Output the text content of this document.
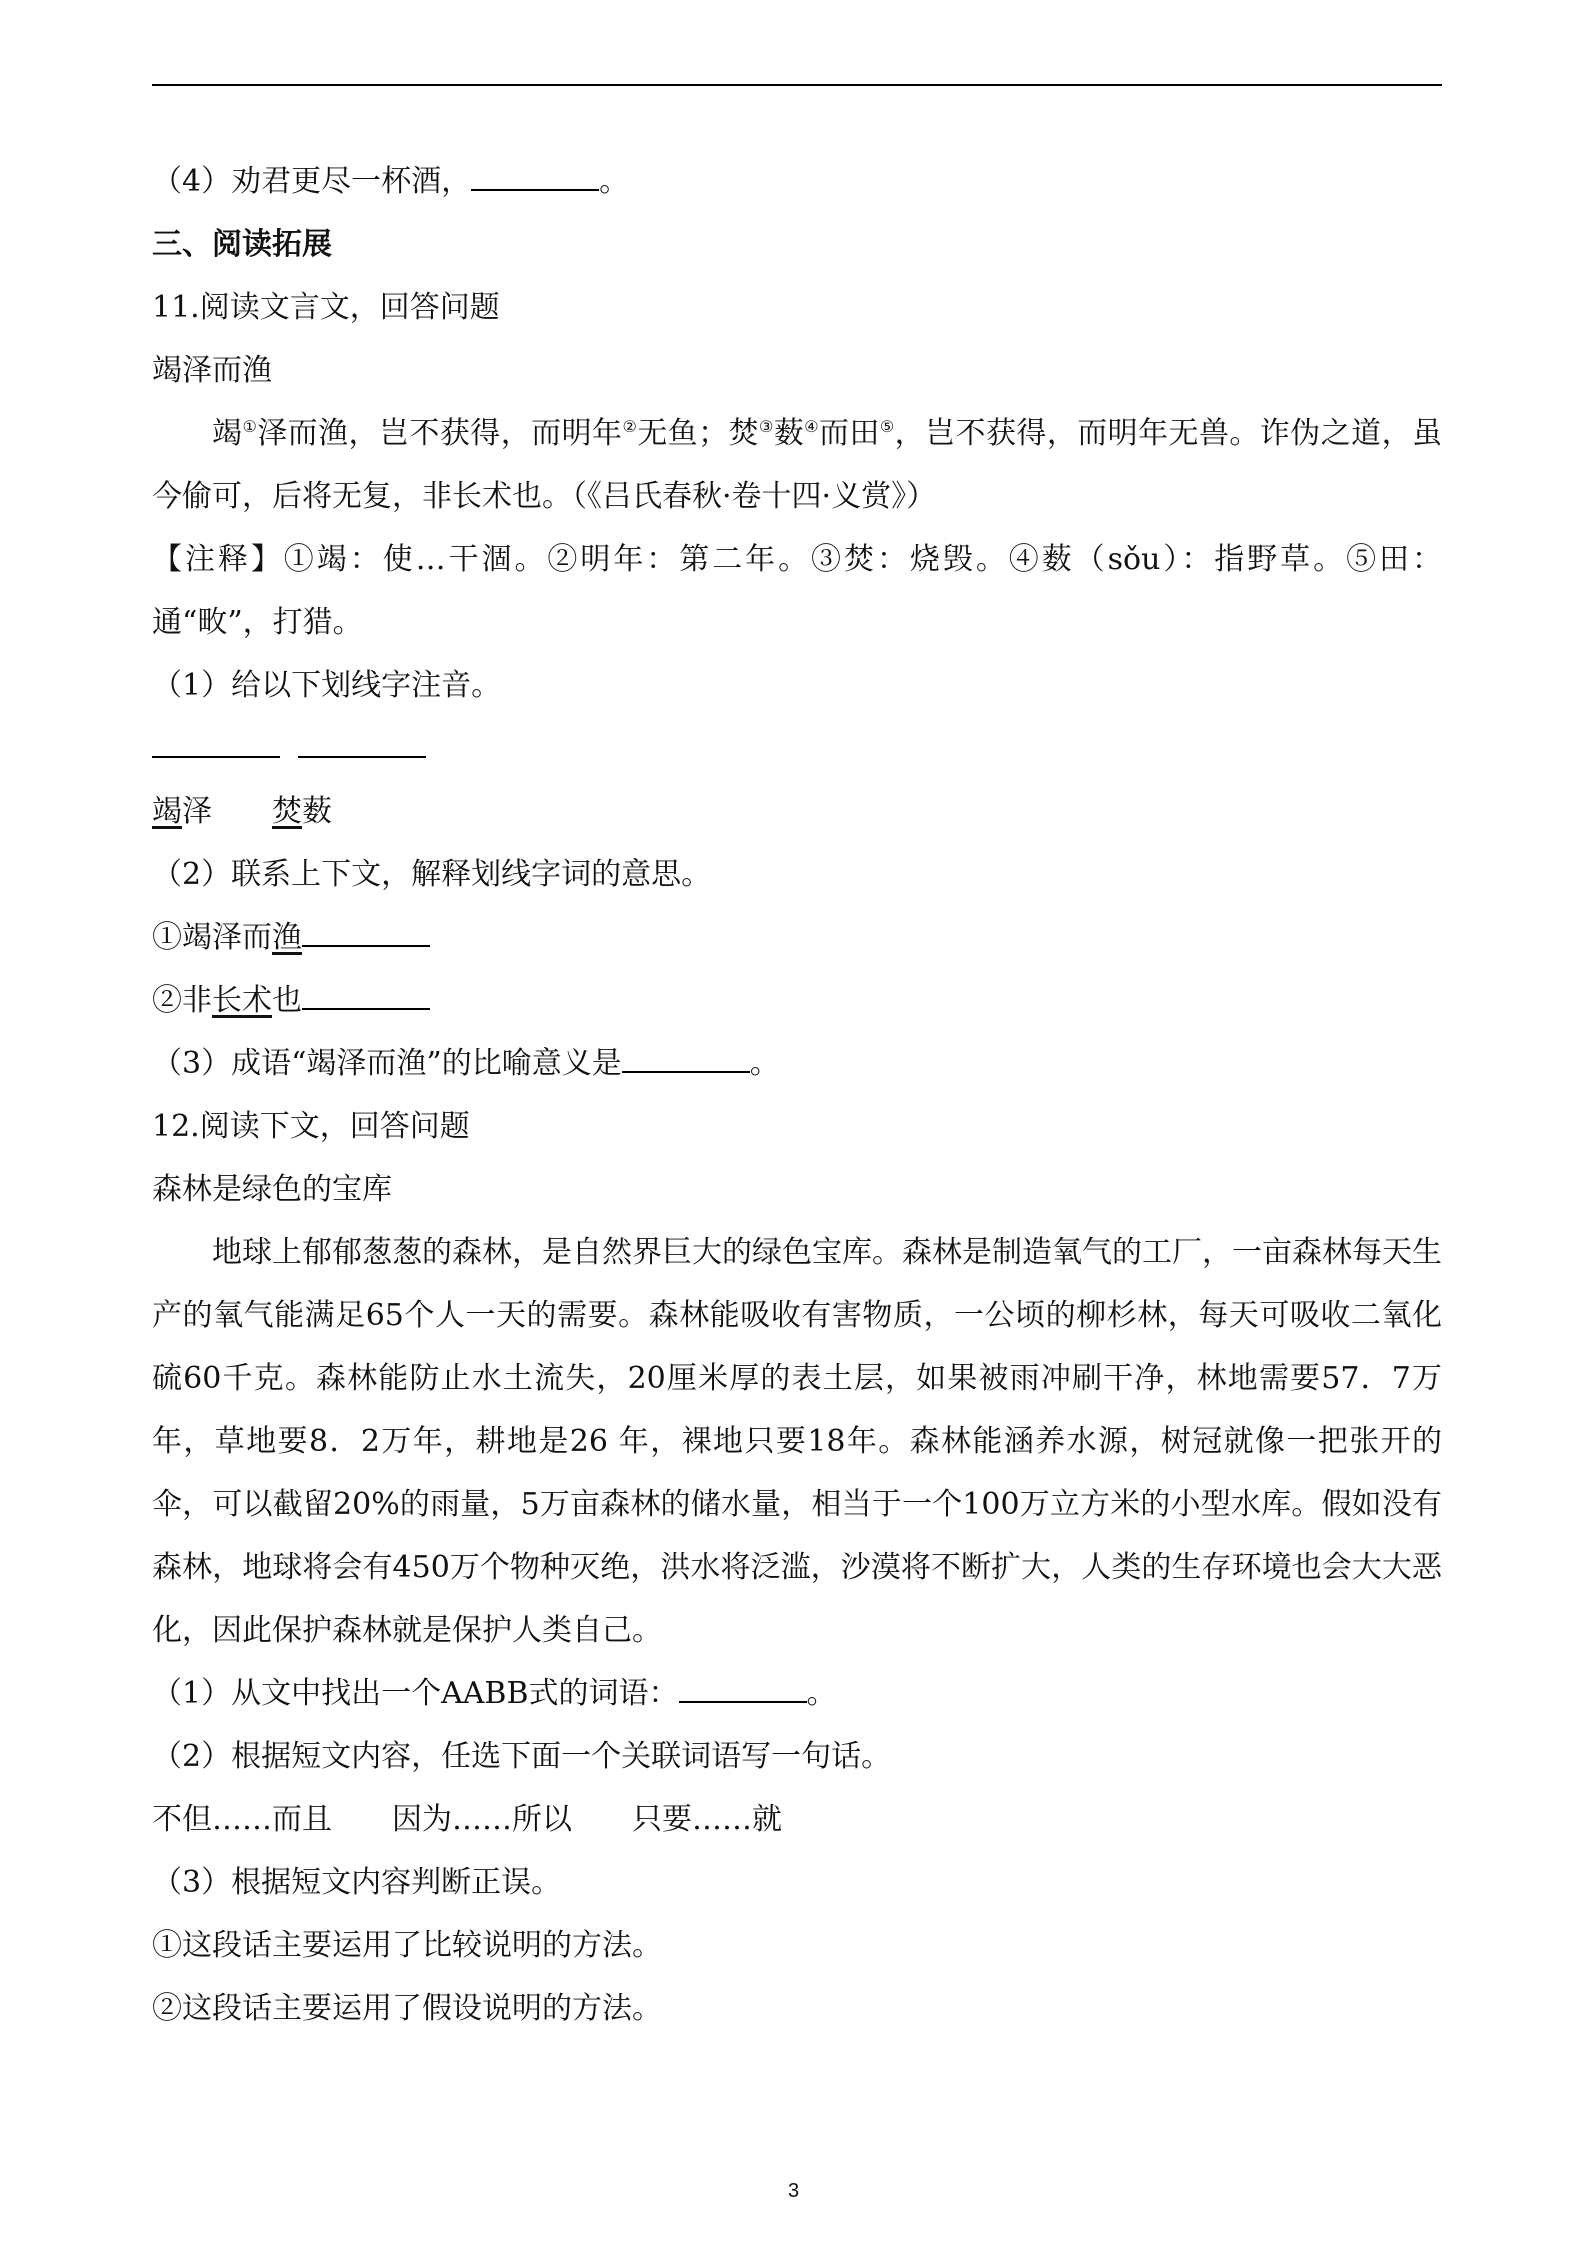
（4）劝君更尽一杯酒，	。
三、阅读拓展
11.阅读文言文，回答问题
竭泽而渔
竭①泽而渔，岂不获得，而明年②无鱼；焚③薮④而田⑤，岂不获得，而明年无兽。诈伪之道，虽今偷可，后将无复，非长术也。（《吕氏春秋·卷十四·义赏》）
【注释】①竭：使…干涸。②明年：第二年。③焚：烧毁。④薮（sǒu）：指野草。⑤田：通“畋”，打猎。
（1）给以下划线字注音。
竭泽 焚薮
（2）联系上下文，解释划线字词的意思。
①竭泽而渔
②非长术也
（3）成语“竭泽而渔”的比喻意义是	。
12.阅读下文，回答问题
森林是绿色的宝库
地球上郁郁葱葱的森林，是自然界巨大的绿色宝库。森林是制造氧气的工厂，一亩森林每天生产的氧气能满足65个人一天的需要。森林能吸收有害物质，一公顷的柳杉林，每天可吸收二氧化硫60千克。森林能防止水土流失，20厘米厚的表土层，如果被雨冲刷干净，林地需要57．7万年，草地要8．2万年，耕地是26 年，裸地只要18年。森林能涵养水源，树冠就像一把张开的伞，可以截留20%的雨量，5万亩森林的储水量，相当于一个100万立方米的小型水库。假如没有森林，地球将会有450万个物种灭绝，洪水将泛滥，沙漠将不断扩大，人类的生存环境也会大大恶化，因此保护森林就是保护人类自己。
（1）从文中找出一个AABB式的词语：	。
（2）根据短文内容，任选下面一个关联词语写一句话。
不但……而且 因为……所以 只要……就
（3）根据短文内容判断正误。
①这段话主要运用了比较说明的方法。
②这段话主要运用了假设说明的方法。
3
